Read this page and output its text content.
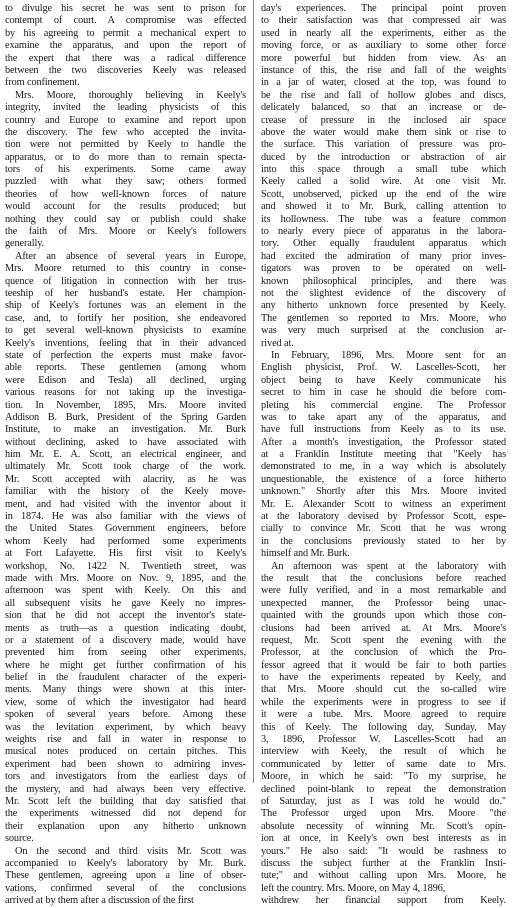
to divulge his secret he was sent to prison for
contempt of court. A compromise was effected
by his agreeing to permit a mechanical expert to
examine the apparatus, and upon the report of
the expert that there was a radical difference
between the two discoveries Keely was released
from confinement.
Mrs. Moore, thoroughly believing in Keely's
integrity, invited the leading physicists of this
country and Europe to examine and report upon
the discovery. The few who accepted the invita-
tion were not permitted by Keely to handle the
apparatus, or to do more than to remain specta-
tors of his experiments. Some came away
puzzled with what they saw; others formed
theories of how well-known forces of nature
would account for the results produced; but
nothing they could say or publish could shake
the faith of Mrs. Moore or Keely's followers
generally.
After an absence of several years in Europe,
Mrs. Moore returned to this country in conse-
quence of litigation in connection with her trus-
teeship of her husband's estate. Her champion-
ship of Keely's fortunes was an element in the
case, and, to fortify her position, she endeavored
to get several well-known physicists to examine
Keely's inventions, feeling that in their advanced
state of perfection the experts must make favor-
able reports. These gentlemen (among whom
were Edison and Tesla) all declined, urging
various reasons for not taking up the investiga-
tion. In November, 1895, Mrs. Moore invited
Addison B. Burk, President of the Spring Garden
Institute, to make an investigation. Mr. Burk
without declining, asked to have associated with
him Mr. E. A. Scott, an electrical engineer, and
ultimately Mr. Scott took charge of the work.
Mr. Scott accepted with alacrity, as he was
familiar with the history of the Keely move-
ment, and had visited with the inventor about it
in 1874. He was also familiar with the views of
the United States Government engineers, before
whom Keely had performed some experiments
at Fort Lafayette. His first visit to Keely's
workshop, No. 1422 N. Twentieth street, was
made with Mrs. Moore on Nov. 9, 1895, and the
afternoon was spent with Keely. On this and
all subsequent visits he gave Keely no impres-
sion that he did not accept the inventor's state-
ments as truth—as a question indicating doubt,
or a statement of a discovery made, would have
prevented him from seeing other experiments,
where he might get further confirmation of his
belief in the fraudulent character of the experi-
ments. Many things were shown at this inter-
view, some of which the investigator had heard
spoken of several years before. Among these
was the levitation experiment, by which heavy
weights rise and fall in water in response to
musical notes produced on certain pitches. This
experiment had been shown to admiring inves-
tors and investigators from the earliest days of
the mystery, and had always been very effective.
Mr. Scott left the building that day satisfied that
the experiments witnessed did not depend for
their explanation upon any hitherto unknown
source.
On the second and third visits Mr. Scott was
accompanied to Keely's laboratory by Mr. Burk.
These gentlemen, agreeing upon a line of obser-
vations, confirmed several of the conclusions
arrived at by them after a discussion of the first
day's experiences. The principal point proven
to their satisfaction was that compressed air was
used in nearly all the experiments, either as the
moving force, or as auxiliary to some other force
more powerful but hidden from view. As an
instance of this, the rise and fall of the weights
in a jar of water, closed at the top, was found to
be the rise and fall of hollow globes and discs,
delicately balanced, so that an increase or de-
crease of pressure in the inclosed air space
above the water would make them sink or rise to
the surface. This variation of pressure was pro-
duced by the introduction or abstraction of air
into this space through a small tube which
Keely called a solid wire. At one visit Mr.
Scott, unobserved, picked up the end of the wire
and showed it to Mr. Burk, calling attention to
its hollowness. The tube was a feature common
to nearly every piece of apparatus in the labora-
tory. Other equally fraudulent apparatus which
had excited the admiration of many prior inves-
tigators was proven to be operated on well-
known philosophical principles, and there was
not the slightest evidence of the discovery of
any hitherto unknown force presented by Keely.
The gentlemen so reported to Mrs. Moore, who
was very much surprised at the conclusion ar-
rived at.
In February, 1896, Mrs. Moore sent for an
English physicist, Prof. W. Lascelles-Scott, her
object being to have Keely communicate his
secret to him in case he should die before com-
pleting his commercial engine. The Professor
was to take apart any of the apparatus, and
have full instructions from Keely as to its use.
After a month's investigation, the Professor stated
at a Franklin Institute meeting that "Keely has
demonstrated to me, in a way which is absolutely
unquestionable, the existence of a force hitherto
unknown." Shortly after this Mrs. Moore invited
Mr. E. Alexander Scott to witness an experiment
at the laboratory devised by Professor Scott, espe-
cially to convince Mr. Scott that he was wrong
in the conclusions previously stated to her by
himself and Mr. Burk.
An afternoon was spent at the laboratory with
the result that the conclusions before reached
were fully verified, and in a most remarkable and
unexpected manner, the Professor being unac-
quainted with the grounds upon which those con-
clusions had been arrived at. At Mrs. Moore's
request, Mr. Scott spent the evening with the
Professor, at the conclusion of which the Pro-
fessor agreed that it would be fair to both parties
to have the experiments repeated by Keely, and
that Mrs. Moore should cut the so-called wire
while the experiments were in progress to see if
it were a tube. Mrs. Moore agreed to require
this of Keely. The following day, Sunday, May
3, 1896, Professor W. Lascelles-Scott had an
interview with Keely, the result of which he
communicated by letter of same date to Mrs.
Moore, in which he said: "To my surprise, he
declined point-blank to repeat the demonstration
of Saturday, just as I was told he would do."
The Professor urged upon Mrs. Moore "the
absolute necessity of winning Mr. Scott's opin-
ion at once, in Keely's own best interests as in
yours." He also said: "It would be rashness to
discuss the subject further at the Franklin Insti-
tute;" and without calling upon Mrs. Moore, he
left the country. Mrs. Moore, on May 4, 1896,
withdrew her financial support from Keely.
